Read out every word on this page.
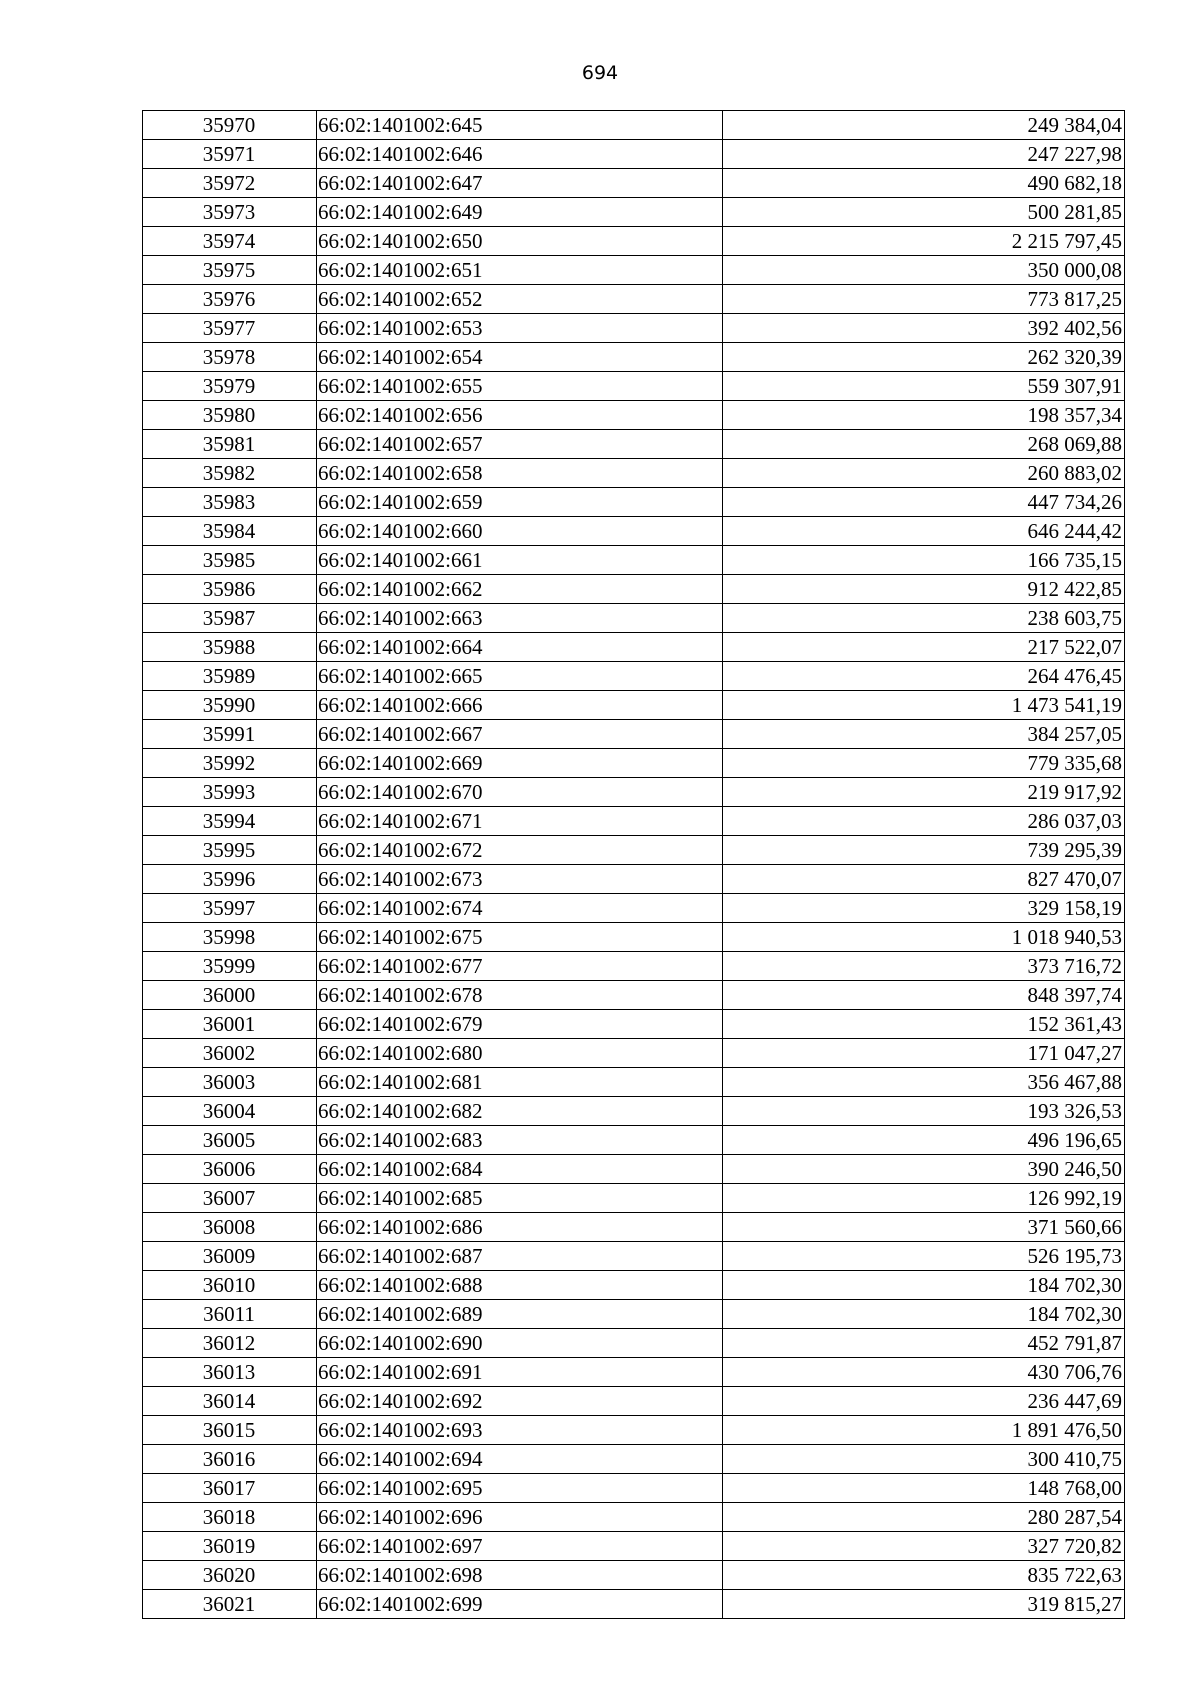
694
35970	66:02:1401002:645	249 384,04
35971	66:02:1401002:646	247 227,98
35972	66:02:1401002:647	490 682,18
35973	66:02:1401002:649	500 281,85
35974	66:02:1401002:650	2 215 797,45
35975	66:02:1401002:651	350 000,08
35976	66:02:1401002:652	773 817,25
35977	66:02:1401002:653	392 402,56
35978	66:02:1401002:654	262 320,39
35979	66:02:1401002:655	559 307,91
35980	66:02:1401002:656	198 357,34
35981	66:02:1401002:657	268 069,88
35982	66:02:1401002:658	260 883,02
35983	66:02:1401002:659	447 734,26
35984	66:02:1401002:660	646 244,42
35985	66:02:1401002:661	166 735,15
35986	66:02:1401002:662	912 422,85
35987	66:02:1401002:663	238 603,75
35988	66:02:1401002:664	217 522,07
35989	66:02:1401002:665	264 476,45
35990	66:02:1401002:666	1 473 541,19
35991	66:02:1401002:667	384 257,05
35992	66:02:1401002:669	779 335,68
35993	66:02:1401002:670	219 917,92
35994	66:02:1401002:671	286 037,03
35995	66:02:1401002:672	739 295,39
35996	66:02:1401002:673	827 470,07
35997	66:02:1401002:674	329 158,19
35998	66:02:1401002:675	1 018 940,53
35999	66:02:1401002:677	373 716,72
36000	66:02:1401002:678	848 397,74
36001	66:02:1401002:679	152 361,43
36002	66:02:1401002:680	171 047,27
36003	66:02:1401002:681	356 467,88
36004	66:02:1401002:682	193 326,53
36005	66:02:1401002:683	496 196,65
36006	66:02:1401002:684	390 246,50
36007	66:02:1401002:685	126 992,19
36008	66:02:1401002:686	371 560,66
36009	66:02:1401002:687	526 195,73
36010	66:02:1401002:688	184 702,30
36011	66:02:1401002:689	184 702,30
36012	66:02:1401002:690	452 791,87
36013	66:02:1401002:691	430 706,76
36014	66:02:1401002:692	236 447,69
36015	66:02:1401002:693	1 891 476,50
36016	66:02:1401002:694	300 410,75
36017	66:02:1401002:695	148 768,00
36018	66:02:1401002:696	280 287,54
36019	66:02:1401002:697	327 720,82
36020	66:02:1401002:698	835 722,63
36021	66:02:1401002:699	319 815,27
